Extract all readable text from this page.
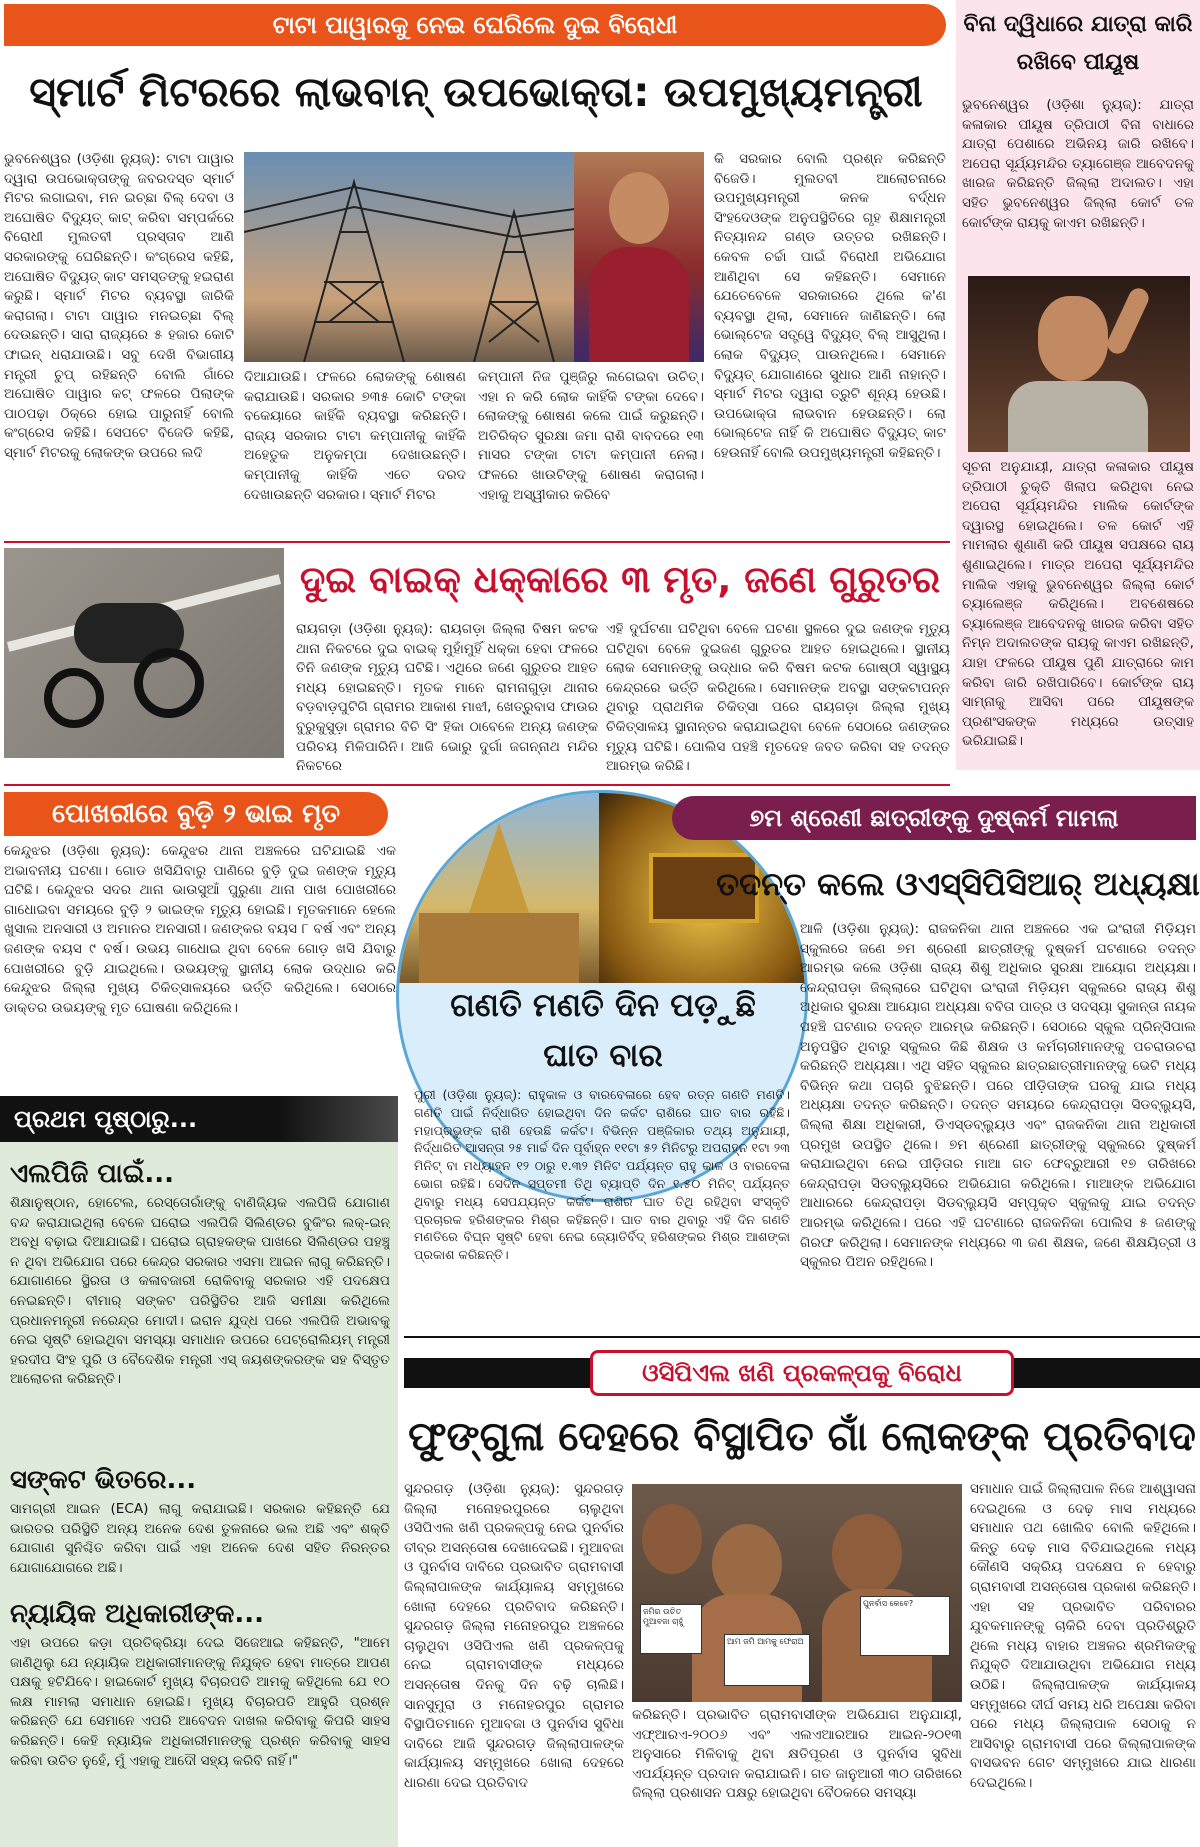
ଟାଟା ପାୱାରକୁ ନେଇ ଘେରିଲେ ଦୁଇ ବିରୋଧୀ
ସ୍ମାର୍ଟ ମିଟରରେ ଲାଭବାନ୍ ଉପଭୋକ୍ତା: ଉପମୁଖ୍ୟମନ୍ତ୍ରୀ
ଭୁବନେଶ୍ୱର (ଓଡ଼ିଶା ନ୍ୟୁଜ୍): ଟାଟା ପାୱାର ଦ୍ୱାରା ଉପଭୋକ୍ତାଙ୍କୁ ଜବରଦସ୍ତ ସ୍ମାର୍ଟ ମିଟର ଲଗାଇବା, ମନ ଇଚ୍ଛା ବିଲ୍ ଦେବା ଓ ଅଘୋଷିତ ବିଦ୍ୟୁତ୍ କାଟ୍ କରିବା ସମ୍ପର୍କରେ ବିରୋଧୀ ମୁଲତବୀ ପ୍ରସ୍ତାବ ଆଣି ସରକାରଙ୍କୁ ଘେରିଛନ୍ତି। କଂଗ୍ରେସ କହିଛି, ଅଘୋଷିତ ବିଦ୍ୟୁତ୍ କାଟ ସମସ୍ତଙ୍କୁ ହଇରାଣ କରୁଛି। ସ୍ମାର୍ଟ ମିଟର ବ୍ୟବସ୍ଥା ଜାରିକି କରାଗଲା। ଟାଟା ପାୱାର ମନଇଚ୍ଛା ବିଲ୍ ଦେଉଛନ୍ତି। ସାରା ରାଜ୍ୟରେ ୫ ହଜାର କୋଟି ଫାଇନ୍ ଧରାଯାଉଛି। ସବୁ ଦେଖି ବିଭାଗୀୟ ମନ୍ତ୍ରୀ ଚୁପ୍ ରହିଛନ୍ତି ବୋଲି ଗାଁରେ ଅଘୋଷିତ ପାୱାର କଟ୍ ଫଳରେ ପିଲାଙ୍କ ପାଠପଢ଼ା ଠିକ୍‌ରେ ହୋଇ ପାରୁନାହିଁ ବୋଲି କଂଗ୍ରେସ କହିଛି। ସେପଟେ ବିଜେଡି କହିଛି, ସ୍ମାର୍ଟ ମିଟରକୁ ଲୋକଙ୍କ ଉପରେ ଲଦି
ଦିଆଯାଉଛି। ଫଳରେ ଲୋକଙ୍କୁ ଶୋଷଣ କରାଯାଉଛି। ସରକାର ୭୩୫ କୋଟି ଟଙ୍କା ବକେୟାରେ କାହିଁକି ବ୍ୟବସ୍ଥା କରିଛନ୍ତି। ରାଜ୍ୟ ସରକାର ଟାଟା କମ୍ପାନୀକୁ କାହିଁକି ଅହେତୁକ ଅନୁକମ୍ପା ଦେଖାଉଛନ୍ତି। କମ୍ପାନୀକୁ କାହିଁକି ଏତେ ଦରଦ ଦେଖାଉଛନ୍ତି ସରକାର। ସ୍ମାର୍ଟ ମିଟର
କମ୍ପାନୀ ନିଜ ପୁଞ୍ଜିରୁ ଲଗେଇବା ଉଚିତ୍। ଏହା ନ କରି ଲୋକ କାହିଁକି ଟଙ୍କା ଦେବେ। ଲୋକଙ୍କୁ ଶୋଷଣ କଲେ ପାଇଁ କରୁଛନ୍ତି। ଅତିରିକ୍ତ ସୁରକ୍ଷା ଜମା ରାଶି ବାବଦରେ ୧୩ ମାସର ଟଙ୍କା ଟାଟା କମ୍ପାନୀ ନେଲା। ଫଳରେ ଖାଉଟିଙ୍କୁ ଶୋଷଣ କରାଗଲା। ଏହାକୁ ଅସ୍ୱୀକାର କରିବେ
କି ସରକାର ବୋଲି ପ୍ରଶ୍ନ କରିଛନ୍ତି ବିଜେଡି। ମୁଲତବୀ ଆଲୋଚନାରେ ଉପମୁଖ୍ୟମନ୍ତ୍ରୀ କନକ ବର୍ଦ୍ଧନ ସିଂହଦେଓଙ୍କ ଅନୁପସ୍ଥିତିରେ ଗୃହ ଶିକ୍ଷାମନ୍ତ୍ରୀ ନିତ୍ୟାନନ୍ଦ ଗଣ୍ଡ ଉତ୍ତର ରଖିଛନ୍ତି। କେବଳ ଚର୍ଚ୍ଚା ପାଇଁ ବିରୋଧୀ ଅଭିଯୋଗ ଆଣିଥିବା ସେ କହିଛନ୍ତି। ସେମାନେ ଯେତେବେଳେ ସରକାରରେ ଥିଲେ କ'ଣ ବ୍ୟବସ୍ଥା ଥିଲା, ସେମାନେ ଜାଣିଛନ୍ତି। ଲୋ ଭୋଲ୍ଟେଜ ସତ୍ତ୍ୱେ ବିଦ୍ୟୁତ୍ ବିଲ୍ ଆସୁଥିଲା। ଲୋକ ବିଦ୍ୟୁତ୍ ପାଉନଥିଲେ। ସେମାନେ ବିଦ୍ୟୁତ୍ ଯୋଗାଣରେ ସୁଧାର ଆଣି ନାହାନ୍ତି। ସ୍ମାର୍ଟ ମିଟର ଦ୍ୱାରା ତ୍ରୁଟି ଶୂନ୍ୟ ହେଉଛି। ଉପଭୋକ୍ତା ଲାଭବାନ ହେଉଛନ୍ତି। ଲୋ ଭୋଲ୍ଟେଜ ନାହିଁ କି ଅଘୋଷିତ ବିଦ୍ୟୁତ୍ କାଟ ହେଉନାହିଁ ବୋଲି ଉପମୁଖ୍ୟମନ୍ତ୍ରୀ କହିଛନ୍ତି।
ବିନା ଦ୍ୱିଧାରେ ଯାତ୍ରା କାରି ରଖିବେ ପୀୟୂଷ
ଭୁବନେଶ୍ୱର (ଓଡ଼ିଶା ନ୍ୟୁଜ୍): ଯାତ୍ରା କଳାକାର ପୀୟୂଷ ତ୍ରିପାଠୀ ବିନା ବାଧାରେ ଯାତ୍ରା ପେଶାରେ ଅଭିନୟ ଜାରି ରଖିବେ। ଅପେରା ସୂର୍ଯ୍ୟମନ୍ଦିର ତ୍ୟାଗେଞ୍ଜ ଆବେଦନକୁ ଖାରଜ କରିଛନ୍ତି ଜିଲ୍ଲା ଅଦାଲତ। ଏହା ସହିତ ଭୁବନେଶ୍ୱର ଜିଲ୍ଲା କୋର୍ଟ ତଳ କୋର୍ଟଙ୍କ ରାୟକୁ କାଏମ ରଖିଛନ୍ତି।
ସୂଚନା ଅନୁଯାୟୀ, ଯାତ୍ରା କଳାକାର ପୀୟୂଷ ତ୍ରିପାଠୀ ଚୁକ୍ତି ଖିଲାପ କରିଥିବା ନେଇ ଅପେରା ସୂର୍ଯ୍ୟମନ୍ଦିର ମାଲିକ କୋର୍ଟଙ୍କ ଦ୍ୱାରସ୍ଥ ହୋଇଥିଲେ। ତଳ କୋର୍ଟ ଏହି ମାମଲାର ଶୁଣାଣି କରି ପୀୟୂଷ ସପକ୍ଷରେ ରାୟ ଶୁଣାଇଥିଲେ। ମାତ୍ର ଅପେରା ସୂର୍ଯ୍ୟମନ୍ଦିର ମାଲିକ ଏହାକୁ ଭୁବନେଶ୍ୱର ଜିଲ୍ଲା କୋର୍ଟ ଚ୍ୟାଲେଞ୍ଜ କରିଥିଲେ। ଅବଶେଷରେ ଚ୍ୟାଲେଞ୍ଜ ଆବେଦନକୁ ଖାରଜ କରିବା ସହିତ ନିମ୍ନ ଅଦାଲତଙ୍କ ରାୟକୁ କାଏମ ରଖିଛନ୍ତି, ଯାହା ଫଳରେ ପୀୟୂଷ ପୁଣି ଯାତ୍ରାରେ କାମ କରିବା ଜାରି ରଖିପାରିବେ। କୋର୍ଟଙ୍କ ରାୟ ସାମ୍ନାକୁ ଆସିବା ପରେ ପୀୟୂଷଙ୍କ ପ୍ରଶଂସକଙ୍କ ମଧ୍ୟରେ ଉତ୍ସାହ ଭରିଯାଇଛି।
ଦୁଇ ବାଇକ୍ ଧକ୍କାରେ ୩ ମୃତ, ଜଣେ ଗୁରୁତର
ରାୟଗଡ଼ା (ଓଡ଼ିଶା ନ୍ୟୁଜ୍): ରାୟଗଡ଼ା ଜିଲ୍ଲା ବିଷମ କଟକ ଥାନା ନିକଟରେ ଦୁଇ ବାଇକ୍ ମୁହାଁମୁହିଁ ଧକ୍କା ହେବା ଫଳରେ ତିନି ଜଣଙ୍କ ମୃତ୍ୟୁ ଘଟିଛି। ଏଥିରେ ଜଣେ ଗୁରୁତର ଆହତ ମଧ୍ୟ ହୋଇଛନ୍ତି। ମୃତକ ମାନେ ରାମନାଗୁଡ଼ା ଥାନାର ବଡ଼ବାଡ଼ପୁଟିଗି ଗ୍ରାମର ଆକାଶ ମାଝୀ, ଖେତ୍ରୁବାସ ଫାଉର ବୁରୁକୁସୁଡ଼ା ଗ୍ରାମର ବିଚି ସିଂ ହିକା ଠାବେଳେ ଅନ୍ୟ ଜଣଙ୍କ ପରିଚୟ ମିଳିପାରିନି। ଆଜି ଭୋରୁ ଦୁର୍ଗା ଜଗନ୍ନାଥ ମନ୍ଦିର ନିକଟରେ
ଏହି ଦୁର୍ଘଟଣା ଘଟିଥିବା ବେଳେ ଘଟଣା ସ୍ଥଳରେ ଦୁଇ ଜଣଙ୍କ ମୃତ୍ୟୁ ଘଟିଥିବା ବେଳେ ଦୁଇଜଣ ଗୁରୁତର ଆହତ ହୋଇଥିଲେ। ସ୍ଥାନୀୟ ଲୋକ ସେମାନଙ୍କୁ ଉଦ୍ଧାର କରି ବିଷମ କଟକ ଗୋଷ୍ଠୀ ସ୍ୱାସ୍ଥ୍ୟ କେନ୍ଦ୍ରରେ ଭର୍ତ୍ତି କରିଥିଲେ। ସେମାନଙ୍କ ଅବସ୍ଥା ସଙ୍କଟାପନ୍ନ ଥିବାରୁ ପ୍ରାଥମିକ ଚିକିତ୍ସା ପରେ ରାୟଗଡ଼ା ଜିଲ୍ଲା ମୁଖ୍ୟ ଚିକିତ୍ସାଳୟ ସ୍ଥାନାନ୍ତର କରାଯାଇଥିବା ବେଳେ ସେଠାରେ ଜଣଙ୍କର ମୃତ୍ୟୁ ଘଟିଛି। ପୋଲିସ ପହଞ୍ଚି ମୃତଦେହ ଜବତ କରିବା ସହ ତଦନ୍ତ ଆରମ୍ଭ କରିଛି।
ପୋଖରୀରେ ବୁଡ଼ି ୨ ଭାଇ ମୃତ
କେନ୍ଦୁଝର (ଓଡ଼ିଶା ନ୍ୟୁଜ୍): କେନ୍ଦୁଝର ଥାନା ଅଞ୍ଚଳରେ ଘଟିଯାଇଛି ଏକ ଅଭାବନୀୟ ଘଟଣା। ଗୋଡ ଖସିଯିବାରୁ ପାଣିରେ ବୁଡ଼ି ଦୁଇ ଜଣଙ୍କ ମୃତ୍ୟୁ ଘଟିଛି। କେନ୍ଦୁଝର ସଦର ଥାନା ଭାଉସୁଆଁ ପୁରୁଣା ଥାନା ପାଖ ପୋଖରୀରେ ଗାଧୋଇବା ସମୟରେ ବୁଡ଼ି ୨ ଭାଇଙ୍କ ମୃତ୍ୟୁ ହୋଇଛି। ମୃତକମାନେ ହେଲେ ଖୁସାଲ ଅନସାରୀ ଓ ଅମାନର ଅନସାରୀ। ଜଣଙ୍କର ବୟସ ୮ ବର୍ଷ ଏବଂ ଅନ୍ୟ ଜଣଙ୍କ ବୟସ ୯ ବର୍ଷ। ଉଭୟ ଗାଧୋଇ ଥିବା ବେଳେ ଗୋଡ଼ ଖସି ଯିବାରୁ ପୋଖରୀରେ ବୁଡ଼ି ଯାଇଥିଲେ। ଉଭୟଙ୍କୁ ସ୍ଥାନୀୟ ଲୋକ ଉଦ୍ଧାର କରି କେନ୍ଦୁଝର ଜିଲ୍ଲା ମୁଖ୍ୟ ଚିକିତ୍ସାଳୟରେ ଭର୍ତ୍ତି କରିଥିଲେ। ସେଠାରେ ଡାକ୍ତର ଉଭୟଙ୍କୁ ମୃତ ଘୋଷଣା କରିଥିଲେ।
ପ୍ରଥମ ପୃଷ୍ଠାରୁ...
ଏଲପିଜି ପାଇଁ...
ଶିକ୍ଷାନୁଷ୍ଠାନ, ହୋଟେଲ, ରେସ୍ତୋରାଁଙ୍କୁ ବାଣିଜ୍ୟିକ ଏଲପିଜି ଯୋଗାଣ ବନ୍ଦ କରାଯାଇଥିଲା ବେଳେ ଘରୋଇ ଏଲପିଜି ସିଲିଣ୍ଡର ବୁକିଂର ଲକ୍-ଇନ୍ ଅବଧି ବଢ଼ାଇ ଦିଆଯାଇଛି। ଘରୋଇ ଗ୍ରାହକଙ୍କ ପାଖରେ ସିଲିଣ୍ଡର ପହଞ୍ଚୁ ନ ଥିବା ଅଭିଯୋଗ ପରେ କେନ୍ଦ୍ର ସରକାର ଏସମା ଆଇନ ଲାଗୁ କରିଛନ୍ତି। ଯୋଗାଣରେ ସ୍ଥିରତା ଓ କଳାବଜାରୀ ରୋକିବାକୁ ସରକାର ଏହି ପଦକ୍ଷେପ ନେଇଛନ୍ତି। ବୀମାର୍ ସଙ୍କଟ ପରିସ୍ଥିତିର ଆଜି ସମୀକ୍ଷା କରିଥିଲେ ପ୍ରଧାନମନ୍ତ୍ରୀ ନରେନ୍ଦ୍ର ମୋଦୀ। ଇରାନ ଯୁଦ୍ଧ ପରେ ଏଲପିଜି ଅଭାବକୁ ନେଇ ସୃଷ୍ଟି ହୋଇଥିବା ସମସ୍ୟା ସମାଧାନ ଉପରେ ପେଟ୍ରୋଲିୟମ୍ ମନ୍ତ୍ରୀ ହରଦୀପ ସିଂହ ପୁରି ଓ ବୈଦେଶିକ ମନ୍ତ୍ରୀ ଏସ୍ ଜୟଶଙ୍କରଙ୍କ ସହ ବିସ୍ତୃତ ଆଲୋଚନା କରିଛନ୍ତି।
ସଙ୍କଟ ଭିତରେ...
ସାମଗ୍ରୀ ଆଇନ (ECA) ଲାଗୁ କରାଯାଇଛି। ସରକାର କହିଛନ୍ତି ଯେ ଭାରତର ପରିସ୍ଥିତି ଅନ୍ୟ ଅନେକ ଦେଶ ତୁଳନାରେ ଭଲ ଅଛି ଏବଂ ଶକ୍ତି ଯୋଗାଣ ସୁନିଶ୍ଚିତ କରିବା ପାଇଁ ଏହା ଅନେକ ଦେଶ ସହିତ ନିରନ୍ତର ଯୋଗାଯୋଗରେ ଅଛି।
ନ୍ୟାୟିକ ଅଧିକାରୀଙ୍କ...
ଏହା ଉପରେ କଡ଼ା ପ୍ରତିକ୍ରିୟା ଦେଇ ସିଜେଆଇ କହିଛନ୍ତି, "ଆମେ ଜାଣିଥିଲୁ ଯେ ନ୍ୟାୟିକ ଅଧିକାରୀମାନଙ୍କୁ ନିଯୁକ୍ତ ହେବା ମାତ୍ରେ ଆପଣ ପକ୍ଷକୁ ହଟିଯିବେ। ହାଇକୋର୍ଟ ମୁଖ୍ୟ ବିଚାରପତି ଆମକୁ କହିଥିଲେ ଯେ ୧୦ ଲକ୍ଷ ମାମଲା ସମାଧାନ ହୋଇଛି। ମୁଖ୍ୟ ବିଚାରପତି ଆହୁରି ପ୍ରଶ୍ନ କରିଛନ୍ତି ଯେ ସେମାନେ ଏପରି ଆବେଦନ ଦାଖଲ କରିବାକୁ କିପରି ସାହସ କରିଛନ୍ତି। କେହି ନ୍ୟାୟିକ ଅଧିକାରୀମାନଙ୍କୁ ପ୍ରଶ୍ନ କରିବାକୁ ସାହସ କରିବା ଉଚିତ ନୁହେଁ, ମୁଁ ଏହାକୁ ଆଦୌ ସହ୍ୟ କରିବି ନାହିଁ।"
ଗଣତି ମଣତି ଦିନ ପଡ଼ୁଛି ଘାତ ବାର
ପୁରୀ (ଓଡ଼ିଶା ନ୍ୟୁଜ୍): ରାହୁକାଳ ଓ ବାରବେଳାରେ ହେବ ରତ୍ନ ଗଣତି ମଣତି। ଗଣତି ପାଇଁ ନିର୍ଦ୍ଧାରିତ ହୋଇଥିବା ଦିନ କର୍କଟ ରାଶିରେ ଘାତ ବାର ରହିଛି। ମହାପ୍ରଭୁଙ୍କ ରାଶି ହେଉଛି କର୍କଟ। ବିଭିନ୍ନ ପଞ୍ଜିକାର ତଥ୍ୟ ଅନୁଯାୟୀ, ନିର୍ଦ୍ଧାରିତ ଆସନ୍ତା ୨୫ ମାର୍ଚ୍ଚ ଦିନ ପୂର୍ବାହ୍ନ ୧୧ଟା ୫୨ ମିନିଟରୁ ଅପରାହ୍ନ ୧ଟା ୨୩ ମିନିଟ୍ ବା ମଧ୍ୟାହ୍ନ ୧୨ ଠାରୁ ୧.୩୨ ମିନିଟ ପର୍ଯ୍ୟନ୍ତ ରାହୁ କାଳ ଓ ବାରବେଳା ଭୋଗ ରହିଛି। ସେଦିନ ସପ୍ତମୀ ତିଥି ବ୍ୟାପ୍ତି ଦିନ ୧.୫୦ ମିନିଟ୍ ପର୍ଯ୍ୟନ୍ତ ଥିବାରୁ ମଧ୍ୟ ସେପଯ୍ୟନ୍ତ କର୍କଟ ରାଶିର ଘାତ ତିଥି ରହିଥିବା ସଂସ୍କୃତି ପ୍ରଚାରକ ହରିଶଙ୍କର ମିଶ୍ର କହିଛନ୍ତି। ଘାତ ବାର ଥିବାରୁ ଏହି ଦିନ ଗଣତି ମଣତିରେ ବିଘ୍ନ ସୃଷ୍ଟି ହେବା ନେଇ ଜ୍ୟୋତିର୍ବିଦ୍ ହରିଶଙ୍କର ମିଶ୍ର ଆଶଙ୍କା ପ୍ରକାଶ କରିଛନ୍ତି।
୭ମ ଶ୍ରେଣୀ ଛାତ୍ରୀଙ୍କୁ ଦୁଷ୍କର୍ମ ମାମଲା
ତଦନ୍ତ କଲେ ଓଏସ୍‌ସିପିସିଆର୍ ଅଧ୍ୟକ୍ଷା
ଆଳି (ଓଡ଼ିଶା ନ୍ୟୁଜ୍): ରାଜକନିକା ଥାନା ଅଞ୍ଚଳରେ ଏକ ଇଂରାଜୀ ମିଡ଼ିୟମ ସ୍କୁଲରେ ଜଣେ ୭ମ ଶ୍ରେଣୀ ଛାତ୍ରୀଙ୍କୁ ଦୁଷ୍କର୍ମ ଘଟଣାରେ ତଦନ୍ତ ଆରମ୍ଭ କଲେ ଓଡ଼ିଶା ରାଜ୍ୟ ଶିଶୁ ଅଧିକାର ସୁରକ୍ଷା ଆୟୋଗ ଅଧ୍ୟକ୍ଷା। କେନ୍ଦ୍ରାପଡ଼ା ଜିଲ୍ଲାରେ ଘଟିଥିବା ଇଂରାଜୀ ମିଡ଼ିୟମ ସ୍କୁଲରେ ରାଜ୍ୟ ଶିଶୁ ଅଧିକାର ସୁରକ୍ଷା ଆୟୋଗ ଅଧ୍ୟକ୍ଷା ବବିତା ପାତ୍ର ଓ ସଦସ୍ୟା ସୁକାନ୍ତା ନାୟକ ପହଞ୍ଚି ଘଟଣାର ତଦନ୍ତ ଆରମ୍ଭ କରିଛନ୍ତି। ସେଠାରେ ସ୍କୁଲ ପ୍ରିନ୍ସିପାଲ ଅନୁପସ୍ଥିତ ଥିବାରୁ ସ୍କୁଲର କିଛି ଶିକ୍ଷକ ଓ କର୍ମଚାରୀମାନଙ୍କୁ ପଚରାଉଚରା କରିଛନ୍ତି ଅଧ୍ୟକ୍ଷା। ଏଥି ସହିତ ସ୍କୁଲର ଛାତ୍ରଛାତ୍ରୀମାନଙ୍କୁ ଭେଟି ମଧ୍ୟ ବିଭିନ୍ନ କଥା ପଚାରି ବୁଝିଛନ୍ତି। ପରେ ପୀଡ଼ିତାଙ୍କ ଘରକୁ ଯାଇ ମଧ୍ୟ ଅଧ୍ୟକ୍ଷା ତଦନ୍ତ କରିଛନ୍ତି। ତଦନ୍ତ ସମୟରେ କେନ୍ଦ୍ରାପଡ଼ା ସିଡବ୍ଲ୍ୟୁସି, ଜିଲ୍ଲା ଶିକ୍ଷା ଅଧିକାରୀ, ଡିଏସ୍‌ଡବ୍ଲ୍ୟୁଓ ଏବଂ ରାଜକନିକା ଥାନା ଅଧିକାରୀ ପ୍ରମୁଖ ଉପସ୍ଥିତ ଥିଲେ। ୭ମ ଶ୍ରେଣୀ ଛାତ୍ରୀଙ୍କୁ ସ୍କୁଲରେ ଦୁଷ୍କର୍ମ କରାଯାଇଥିବା ନେଇ ପୀଡ଼ିତାର ମାଆ ଗତ ଫେବ୍ରୁଆରୀ ୧୭ ତାରିଖରେ କେନ୍ଦ୍ରାପଡ଼ା ସିଡବ୍ଲ୍ୟୁସିରେ ଅଭିଯୋଗ କରିଥିଲେ। ମାଆଙ୍କ ଅଭିଯୋଗ ଆଧାରରେ କେନ୍ଦ୍ରାପଡ଼ା ସିଡବ୍ଲ୍ୟୁସି ସମ୍ପୃକ୍ତ ସ୍କୁଲକୁ ଯାଇ ତଦନ୍ତ ଆରମ୍ଭ କରିଥିଲେ। ପରେ ଏହି ଘଟଣାରେ ରାଜକନିକା ପୋଲିସ ୫ ଜଣଙ୍କୁ ଗିରଫ କରିଥିଲା। ସେମାନଙ୍କ ମଧ୍ୟରେ ୩ ଜଣ ଶିକ୍ଷକ, ଜଣେ ଶିକ୍ଷୟିତ୍ରୀ ଓ ସ୍କୁଲର ପିଅନ ରହିଥିଲେ।
ଓସିପିଏଲ ଖଣି ପ୍ରକଳ୍ପକୁ ବିରୋଧ
ଫୁଙ୍ଗୁଳା ଦେହରେ ବିସ୍ଥାପିତ ଗାଁ ଲୋକଙ୍କ ପ୍ରତିବାଦ
ସୁନ୍ଦରଗଡ଼ (ଓଡ଼ିଶା ନ୍ୟୁଜ୍): ସୁନ୍ଦରଗଡ଼ ଜିଲ୍ଲା ମନୋହରପୁରରେ ଚାଲୁଥିବା ଓସିପିଏଲ ଖଣି ପ୍ରକଳ୍ପକୁ ନେଇ ପୁନର୍ବାର ତୀବ୍ର ଅସନ୍ତୋଷ ଦେଖାଦେଇଛି। ମୁଆବଜା ଓ ପୁନର୍ବାସ ଦାବିରେ ପ୍ରଭାବିତ ଗ୍ରାମବାସୀ ଜିଲ୍ଲାପାଳଙ୍କ କାର୍ଯ୍ୟାଳୟ ସମ୍ମୁଖରେ ଖୋଲା ଦେହରେ ପ୍ରତିବାଦ କରିଛନ୍ତି। ସୁନ୍ଦରଗଡ଼ ଜିଲ୍ଲା ମନୋହରପୁର ଅଞ୍ଚଳରେ ଚାଲୁଥିବା ଓସିପିଏଲ ଖଣି ପ୍ରକଳ୍ପକୁ ନେଇ ଗ୍ରାମବାସୀଙ୍କ ମଧ୍ୟରେ ଅସନ୍ତୋଷ ଦିନକୁ ଦିନ ବଢ଼ି ଚାଲିଛି। ସାନସୁମୁରା ଓ ମନୋହରପୁର ଗ୍ରାମର ବିସ୍ଥାପିତମାନେ ମୁଆବଜା ଓ ପୁନର୍ବାସ ସୁବିଧା ଦାବିରେ ଆଜି ସୁନ୍ଦରଗଡ଼ ଜିଲ୍ଲାପାଳଙ୍କ କାର୍ଯ୍ୟାଳୟ ସମ୍ମୁଖରେ ଖୋଲା ଦେହରେ ଧାରଣା ଦେଇ ପ୍ରତିବାଦ
ଜମିର ଉଚିତ ମୁଆବଜା ଚାହୁଁ
ଆମ ଜମି ଆମକୁ ଫେରାଅ
ପୁନର୍ବାସ କେବେ?
କରିଛନ୍ତି। ପ୍ରଭାବିତ ଗ୍ରାମବାସୀଙ୍କ ଅଭିଯୋଗ ଅନୁଯାୟୀ, ଏଫ୍‌ଆରଏ-୨୦୦୬ ଏବଂ ଏଲଏଆରଆର ଆଇନ-୨୦୧୩ ଅନୁସାରେ ମିଳିବାକୁ ଥିବା କ୍ଷତିପୂରଣ ଓ ପୁନର୍ବାସ ସୁବିଧା ଏପର୍ଯ୍ୟନ୍ତ ପ୍ରଦାନ କରାଯାଇନି। ଗତ ଜାନୁଆରୀ ୩୦ ତାରିଖରେ ଜିଲ୍ଲା ପ୍ରଶାସନ ପକ୍ଷରୁ ହୋଇଥିବା ବୈଠକରେ ସମସ୍ୟା
ସମାଧାନ ପାଇଁ ଜିଲ୍ଲାପାଳ ନିଜେ ଆଶ୍ୱାସନା ଦେଇଥିଲେ ଓ ଦେଢ଼ ମାସ ମଧ୍ୟରେ ସମାଧାନ ପଥ ଖୋଲିବ ବୋଲି କହିଥିଲେ। କିନ୍ତୁ ଦେଢ଼ ମାସ ବିତିଯାଇଥିଲେ ମଧ୍ୟ କୌଣସି ସକ୍ରିୟ ପଦକ୍ଷେପ ନ ହେବାରୁ ଗ୍ରାମବାସୀ ଅସନ୍ତୋଷ ପ୍ରକାଶ କରିଛନ୍ତି। ଏହା ସହ ପ୍ରଭାବିତ ପରିବାରର ଯୁବକମାନଙ୍କୁ ଚାକିରି ଦେବା ପ୍ରତିଶ୍ରୁତି ଥିଲେ ମଧ୍ୟ ବାହାର ଅଞ୍ଚଳର ଶ୍ରମିକଙ୍କୁ ନିଯୁକ୍ତି ଦିଆଯାଉଥିବା ଅଭିଯୋଗ ମଧ୍ୟ ଉଠିଛି। ଜିଲ୍ଲାପାଳଙ୍କ କାର୍ଯ୍ୟାଳୟ ସମ୍ମୁଖରେ ଦୀର୍ଘ ସମୟ ଧରି ଅପେକ୍ଷା କରିବା ପରେ ମଧ୍ୟ ଜିଲ୍ଲାପାଳ ସେଠାକୁ ନ ଆସିବାରୁ ଗ୍ରାମବାସୀ ପରେ ଜିଲ୍ଲାପାଳଙ୍କ ବାସଭବନ ଗେଟ ସମ୍ମୁଖରେ ଯାଇ ଧାରଣା ଦେଇଥିଲେ।
